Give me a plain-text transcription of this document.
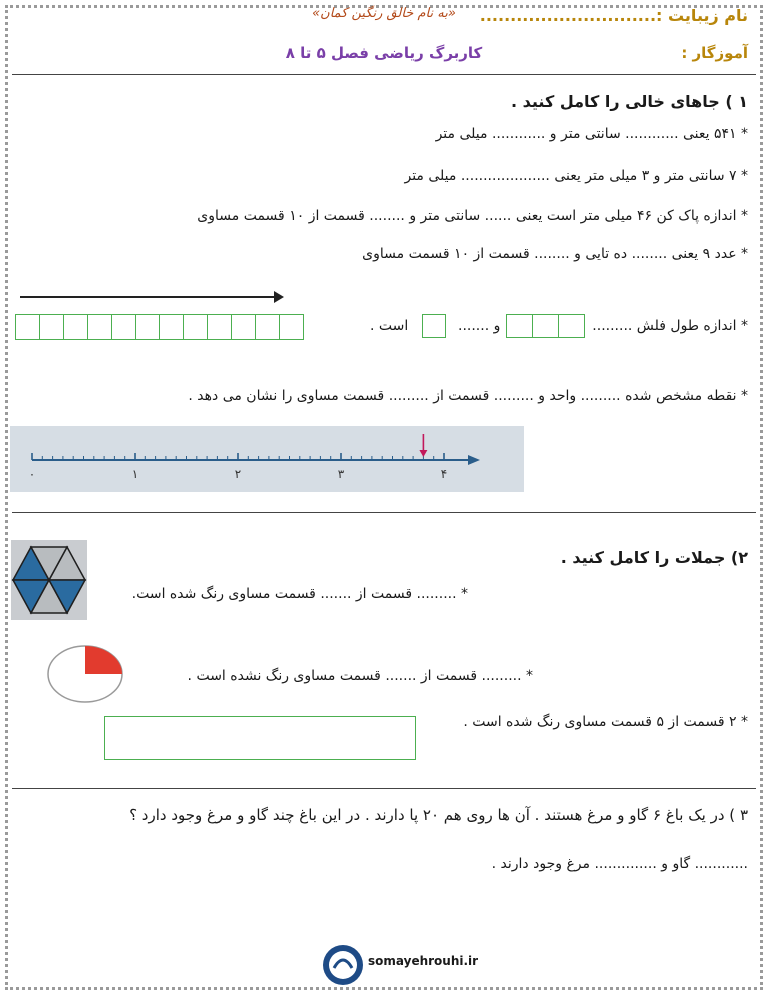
نام زیبایت :.............................
«به نام خالق رنگین کمان»
آموزگار :
کاربرگ ریاضی فصل ۵ تا ۸
۱ ) جاهای خالی را کامل کنید .
* ۵۴۱ یعنی ............ سانتی متر و ............ میلی متر
* ۷ سانتی متر و ۳ میلی متر یعنی .................... میلی متر
* اندازه پاک کن ۴۶ میلی متر است یعنی ...... سانتی متر و ........ قسمت از ۱۰ قسمت مساوی
* عدد ۹ یعنی ........ ده تایی و ........ قسمت از ۱۰ قسمت مساوی
* اندازه طول فلش .........
و .......
است .
* نقطه مشخص شده ......... واحد و ......... قسمت از ......... قسمت مساوی را نشان می دهد .
۰	۱	۲	۳	۴
۲) جملات را کامل کنید .
* ......... قسمت از ....... قسمت مساوی رنگ شده است.
* ......... قسمت از ....... قسمت مساوی رنگ نشده است .
* ۲ قسمت از ۵ قسمت مساوی رنگ شده است .
۳ ) در یک باغ ۶ گاو و مرغ هستند . آن ها روی هم ۲۰ پا دارند . در این باغ چند گاو و مرغ وجود دارد ؟
............ گاو و .............. مرغ وجود دارند .
somayehrouhi.ir
